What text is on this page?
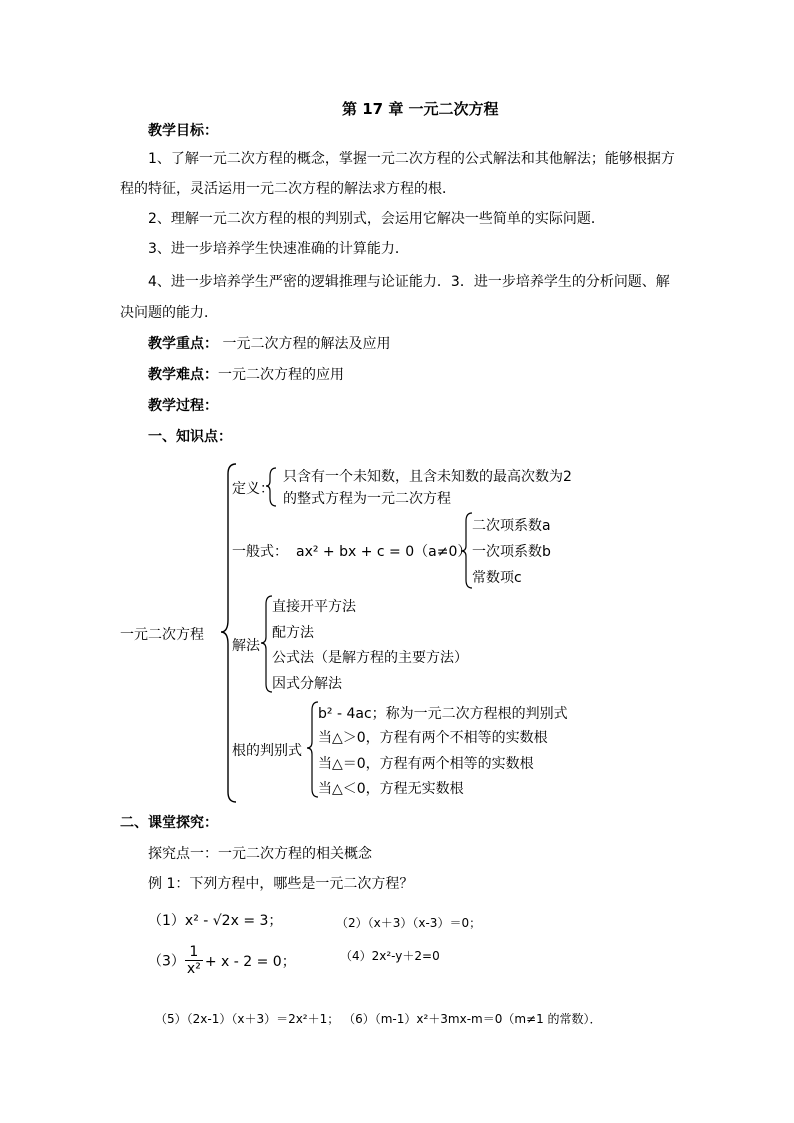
第 17 章 一元二次方程
教学目标：
1、了解一元二次方程的概念，掌握一元二次方程的公式解法和其他解法；能够根据方
程的特征，灵活运用一元二次方程的解法求方程的根．
2、理解一元二次方程的根的判别式，会运用它解决一些简单的实际问题．
3、进一步培养学生快速准确的计算能力．
4、进一步培养学生严密的逻辑推理与论证能力．3．进一步培养学生的分析问题、解
决问题的能力．
教学重点： 一元二次方程的解法及应用
教学难点：一元二次方程的应用
教学过程：
一、知识点：
一元二次方程
定义：
只含有一个未知数，且含未知数的最高次数为2
的整式方程为一元二次方程
一般式： ax² + bx + c = 0（a≠0）
二次项系数a
一次项系数b
常数项c
解法
直接开平方法
配方法
公式法（是解方程的主要方法）
因式分解法
根的判别式
b² - 4ac；称为一元二次方程根的判别式
当△＞0，方程有两个不相等的实数根
当△＝0，方程有两个相等的实数根
当△＜0，方程无实数根
二、课堂探究：
探究点一：一元二次方程的相关概念
例 1：下列方程中，哪些是一元二次方程？
（1）x² - √2x = 3；	（2）（x＋3）（x-3）＝0；
$(3) \frac{1}{\text{x²}} + x - 2 = 0$；	（4）2x²-y＋2=0
（5）（2x-1）（x＋3）＝2x²＋1； （6）（m-1）x²＋3mx-m＝0（m≠1 的常数）．
